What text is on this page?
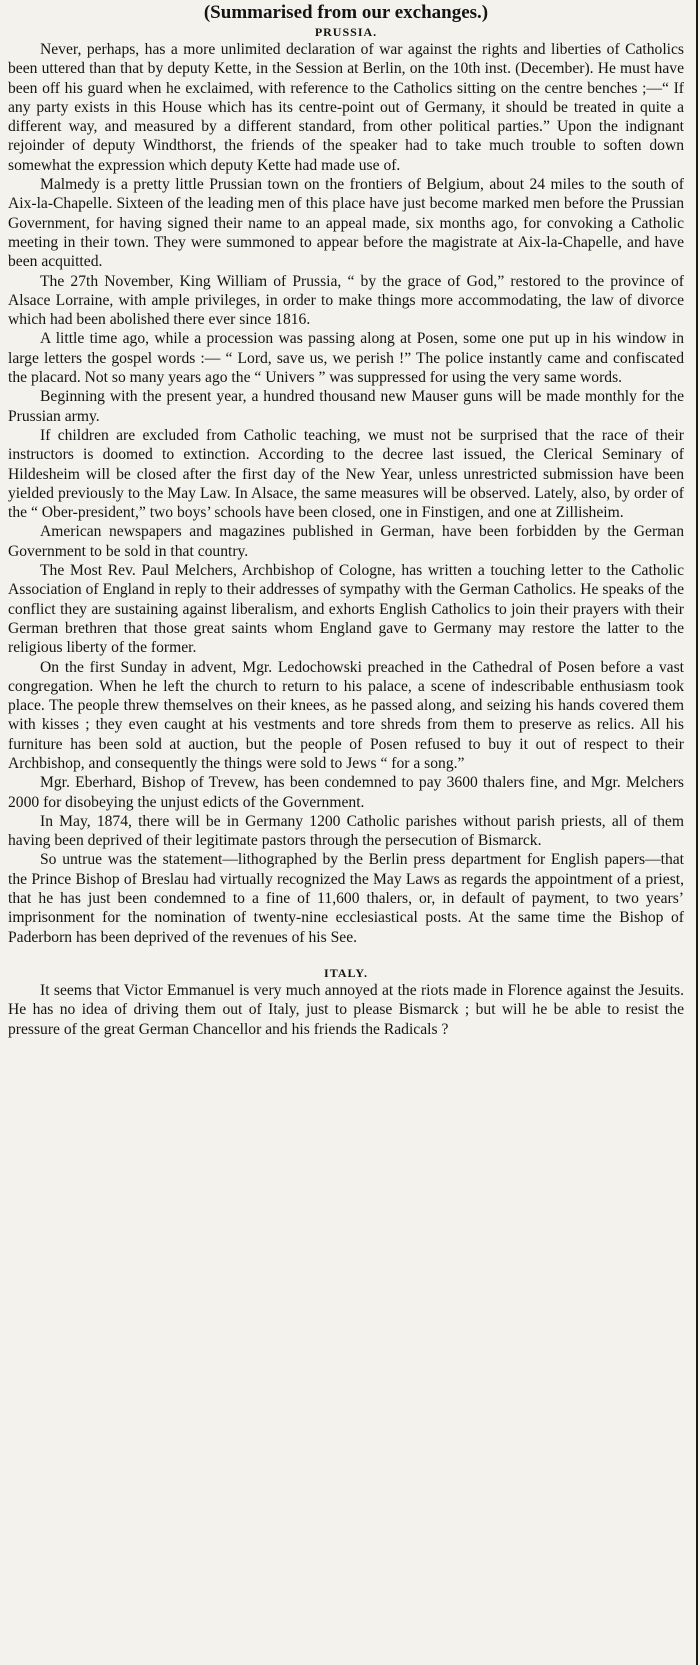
(Summarised from our exchanges.)
PRUSSIA.

Never, perhaps, has a more unlimited declaration of war against the rights and liberties of Catholics been uttered than that by deputy Kette, in the Session at Berlin, on the 10th inst. (December). He must have been off his guard when he exclaimed, with reference to the Catholics sitting on the centre benches ;—“ If any party exists in this House which has its centre-point out of Germany, it should be treated in quite a different way, and measured by a different standard, from other political parties.” Upon the indignant rejoinder of deputy Windthorst, the friends of the speaker had to take much trouble to soften down somewhat the expression which deputy Kette had made use of.

Malmedy is a pretty little Prussian town on the frontiers of Belgium, about 24 miles to the south of Aix-la-Chapelle. Sixteen of the leading men of this place have just become marked men before the Prussian Government, for having signed their name to an appeal made, six months ago, for convoking a Catholic meeting in their town. They were summoned to appear before the magistrate at Aix-la-Chapelle, and have been acquitted.

The 27th November, King William of Prussia, “ by the grace of God,” restored to the province of Alsace Lorraine, with ample privileges, in order to make things more accommodating, the law of divorce which had been abolished there ever since 1816.

A little time ago, while a procession was passing along at Posen, some one put up in his window in large letters the gospel words :— “ Lord, save us, we perish !” The police instantly came and confiscated the placard. Not so many years ago the “ Univers ” was suppressed for using the very same words.

Beginning with the present year, a hundred thousand new Mauser guns will be made monthly for the Prussian army.

If children are excluded from Catholic teaching, we must not be surprised that the race of their instructors is doomed to extinction. According to the decree last issued, the Clerical Seminary of Hildesheim will be closed after the first day of the New Year, unless unrestricted submission have been yielded previously to the May Law. In Alsace, the same measures will be observed. Lately, also, by order of the “ Ober-president,” two boys’ schools have been closed, one in Finstigen, and one at Zillisheim.

American newspapers and magazines published in German, have been forbidden by the German Government to be sold in that country.

The Most Rev. Paul Melchers, Archbishop of Cologne, has written a touching letter to the Catholic Association of England in reply to their addresses of sympathy with the German Catholics. He speaks of the conflict they are sustaining against liberalism, and exhorts English Catholics to join their prayers with their German brethren that those great saints whom England gave to Germany may restore the latter to the religious liberty of the former.

On the first Sunday in advent, Mgr. Ledochowski preached in the Cathedral of Posen before a vast congregation. When he left the church to return to his palace, a scene of indescribable enthusiasm took place. The people threw themselves on their knees, as he passed along, and seizing his hands covered them with kisses ; they even caught at his vestments and tore shreds from them to preserve as relics. All his furniture has been sold at auction, but the people of Posen refused to buy it out of respect to their Archbishop, and consequently the things were sold to Jews “ for a song.”

Mgr. Eberhard, Bishop of Trevew, has been condemned to pay 3600 thalers fine, and Mgr. Melchers 2000 for disobeying the unjust edicts of the Government.

In May, 1874, there will be in Germany 1200 Catholic parishes without parish priests, all of them having been deprived of their legitimate pastors through the persecution of Bismarck.

So untrue was the statement—lithographed by the Berlin press department for English papers—that the Prince Bishop of Breslau had virtually recognized the May Laws as regards the appointment of a priest, that he has just been condemned to a fine of 11,600 thalers, or, in default of payment, to two years’ imprisonment for the nomination of twenty-nine ecclesiastical posts. At the same time the Bishop of Paderborn has been deprived of the revenues of his See.

ITALY.

It seems that Victor Emmanuel is very much annoyed at the riots made in Florence against the Jesuits. He has no idea of driving them out of Italy, just to please Bismarck ; but will he be able to resist the pressure of the great German Chancellor and his friends the Radicals ?
